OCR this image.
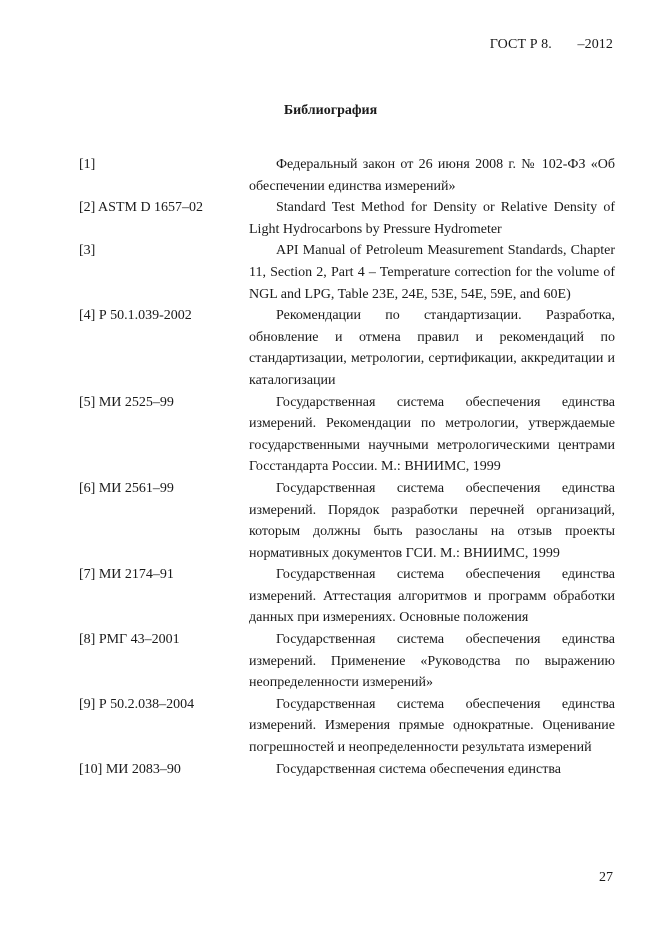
ГОСТ Р 8. –2012
Библиография
[1]	Федеральный закон от 26 июня 2008 г. № 102-ФЗ «Об обеспечении единства измерений»
[2] ASTM D 1657–02	Standard Test Method for Density or Relative Density of Light Hydrocarbons by Pressure Hydrometer
[3]	API Manual of Petroleum Measurement Standards, Chapter 11, Section 2, Part 4 – Temperature correction for the volume of NGL and LPG, Table 23E, 24E, 53E, 54E, 59E, and 60E)
[4] Р 50.1.039-2002	Рекомендации по стандартизации. Разработка, обновление и отмена правил и рекомендаций по стандартизации, метрологии, сертификации, аккредитации и каталогизации
[5] МИ 2525–99	Государственная система обеспечения единства измерений. Рекомендации по метрологии, утверждаемые государственными научными метрологическими центрами Госстандарта России. М.: ВНИИМС, 1999
[6] МИ 2561–99	Государственная система обеспечения единства измерений. Порядок разработки перечней организаций, которым должны быть разосланы на отзыв проекты нормативных документов ГСИ. М.: ВНИИМС, 1999
[7] МИ 2174–91	Государственная система обеспечения единства измерений. Аттестация алгоритмов и программ обработки данных при измерениях. Основные положения
[8] РМГ 43–2001	Государственная система обеспечения единства измерений. Применение «Руководства по выражению неопределенности измерений»
[9] Р 50.2.038–2004	Государственная система обеспечения единства измерений. Измерения прямые однократные. Оценивание погрешностей и неопределенности результата измерений
[10] МИ 2083–90	Государственная система обеспечения единства
27
